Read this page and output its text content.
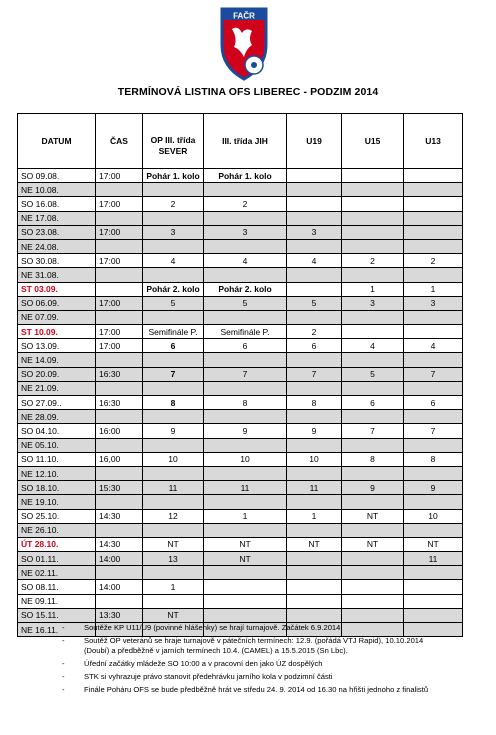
FAČR
TERMÍNOVÁ LISTINA OFS LIBEREC - PODZIM 2014
DATUM	ČAS	OP III. třída SEVER	III. třída JIH	U19	U15	U13
SO 09.08.	17:00	Pohár 1. kolo	Pohár 1. kolo			
NE 10.08.						
SO 16.08.	17:00	2	2			
NE 17.08.						
SO 23.08.	17:00	3	3	3		
NE 24.08.						
SO 30.08.	17:00	4	4	4	2	2
NE 31.08.						
ST 03.09.		Pohár 2. kolo	Pohár 2. kolo		1	1
SO 06.09.	17:00	5	5	5	3	3
NE 07.09.						
ST 10.09.	17:00	Semifinále P.	Semifinále P.	2		
SO 13.09.	17:00	6	6	6	4	4
NE 14.09.						
SO 20.09.	16:30	7	7	7	5	7
NE 21.09.						
SO 27.09..	16:30	8	8	8	6	6
NE 28.09.						
SO 04.10.	16:00	9	9	9	7	7
NE 05.10.						
SO 11.10.	16,00	10	10	10	8	8
NE 12.10.						
SO 18.10.	15:30	11	11	11	9	9
NE 19.10.						
SO 25.10.	14:30	12	1	1	NT	10
NE 26.10.						
ÚT 28.10.	14:30	NT	NT	NT	NT	NT
SO 01.11.	14:00	13	NT			11
NE 02.11.						
SO 08.11.	14:00	1				
NE 09.11.						
SO 15.11.	13:30	NT				
NE 16.11.						-	Soutěže KP U11/U9 (povinné hlášenky) se hrají turnajově. Začátek 6.9.2014
-	Soutěž OP veteránů se hraje turnajově v pátečních termínech: 12.9. (pořádá VTJ Rapid), 10.10.2014 (Doubí) a předběžně v jarních termínech 10.4. (CAMEL) a 15.5.2015 (Sn Lbc).
-	Úřední začátky mládeže SO 10:00 a v pracovní den jako ÚZ dospělých
-	STK si vyhrazuje právo stanovit předehrávku jarního kola v podzimní části
-	Finále Poháru OFS se bude předběžně hrát ve středu 24. 9. 2014 od 16.30 na hřišti jednoho z finalistů
